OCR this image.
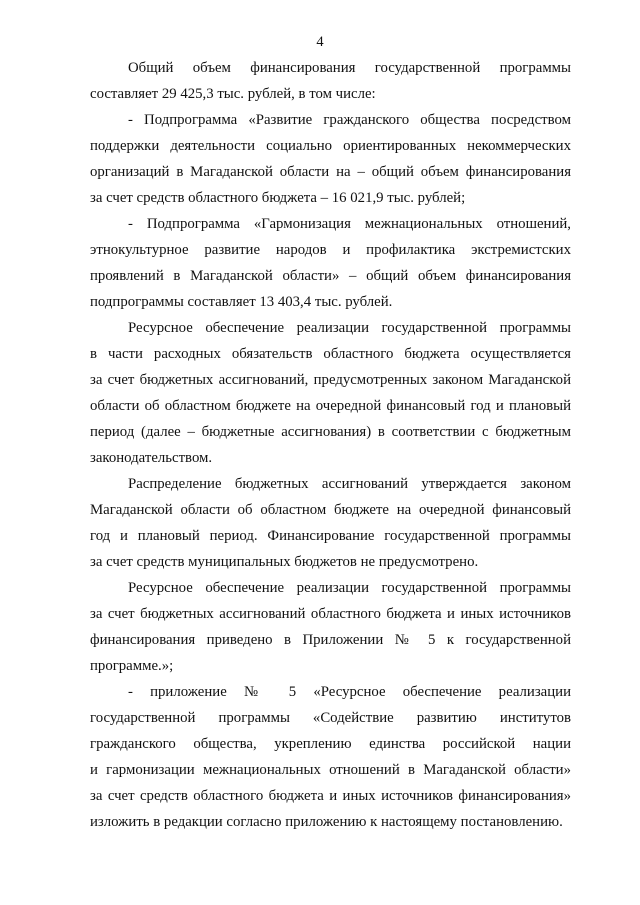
4
Общий объем финансирования государственной программы
составляет 29 425,3 тыс. рублей, в том числе:
- Подпрограмма «Развитие гражданского общества посредством
поддержки деятельности социально ориентированных некоммерческих
организаций в Магаданской области на – общий объем финансирования
за счет средств областного бюджета – 16 021,9 тыс. рублей;
- Подпрограмма «Гармонизация межнациональных отношений,
этнокультурное развитие народов и профилактика экстремистских
проявлений в Магаданской области» – общий объем финансирования
подпрограммы составляет 13 403,4 тыс. рублей.
Ресурсное обеспечение реализации государственной программы
в части расходных обязательств областного бюджета осуществляется
за счет бюджетных ассигнований, предусмотренных законом Магаданской
области об областном бюджете на очередной финансовый год и плановый
период (далее – бюджетные ассигнования) в соответствии с бюджетным
законодательством.
Распределение бюджетных ассигнований утверждается законом
Магаданской области об областном бюджете на очередной финансовый
год и плановый период. Финансирование государственной программы
за счет средств муниципальных бюджетов не предусмотрено.
Ресурсное обеспечение реализации государственной программы
за счет бюджетных ассигнований областного бюджета и иных источников
финансирования приведено в Приложении № 5 к государственной
программе.»;
- приложение № 5 «Ресурсное обеспечение реализации
государственной программы «Содействие развитию институтов
гражданского общества, укреплению единства российской нации
и гармонизации межнациональных отношений в Магаданской области»
за счет средств областного бюджета и иных источников финансирования»
изложить в редакции согласно приложению к настоящему постановлению.
